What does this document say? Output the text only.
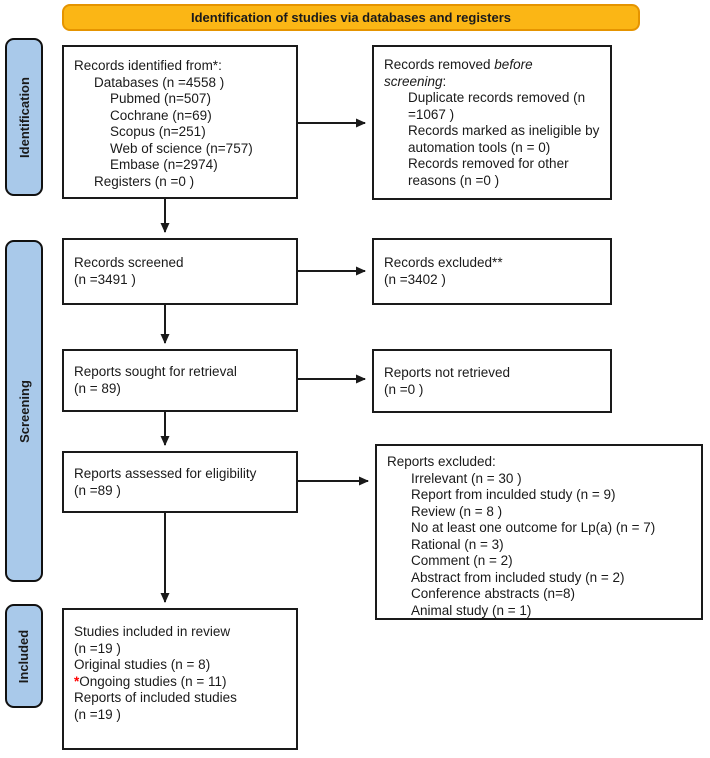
Identification of studies via databases and registers
Identification
Screening
Included
Records identified from*:
Databases (n =4558 )
Pubmed (n=507)
Cochrane (n=69)
Scopus (n=251)
Web of science (n=757)
Embase (n=2974)
Registers (n =0 )
Records removed before screening:
Duplicate records removed (n =1067 )
Records marked as ineligible by automation tools (n = 0)
Records removed for other reasons (n =0 )
Records screened
(n =3491 )
Records excluded**
(n =3402 )
Reports sought for retrieval
(n = 89)
Reports not retrieved
(n =0 )
Reports assessed for eligibility
(n =89 )
Reports excluded:
Irrelevant (n = 30 )
Report from inculded study (n = 9)
Review (n = 8 )
No at least one outcome for Lp(a) (n = 7)
Rational (n = 3)
Comment (n = 2)
Abstract from included study (n = 2)
Conference abstracts (n=8)
Animal study (n = 1)
Studies included in review
(n =19 )
Original studies (n = 8)
*Ongoing studies (n = 11)
Reports of included studies
(n =19 )
